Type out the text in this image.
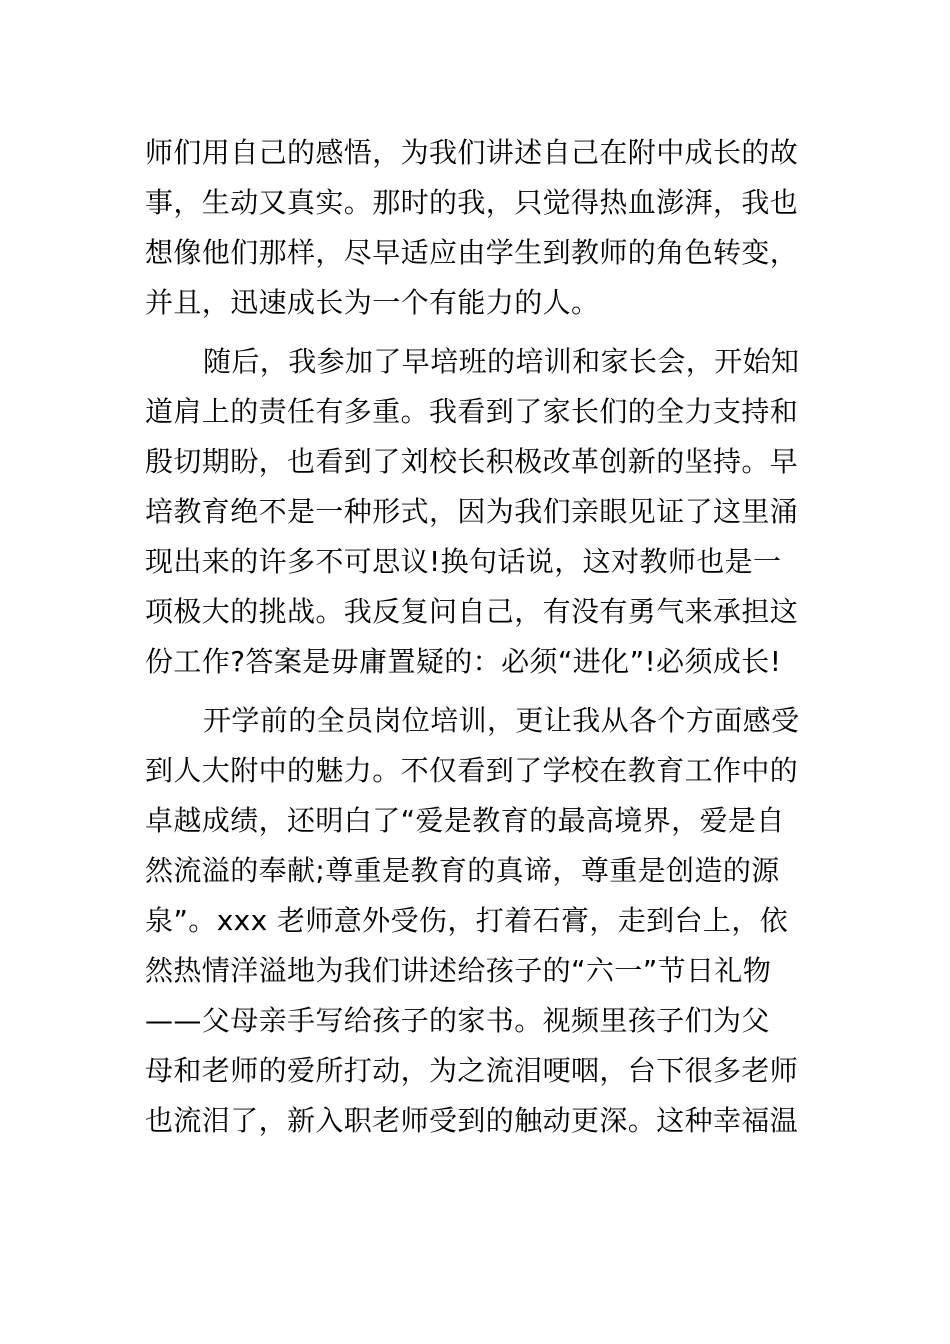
师们用自己的感悟，为我们讲述自己在附中成长的故
事，生动又真实。那时的我，只觉得热血澎湃，我也
想像他们那样，尽早适应由学生到教师的角色转变，
并且，迅速成长为一个有能力的人。
随后，我参加了早培班的培训和家长会，开始知
道肩上的责任有多重。我看到了家长们的全力支持和
殷切期盼，也看到了刘校长积极改革创新的坚持。早
培教育绝不是一种形式，因为我们亲眼见证了这里涌
现出来的许多不可思议!换句话说，这对教师也是一
项极大的挑战。我反复问自己，有没有勇气来承担这
份工作?答案是毋庸置疑的：必须“进化”!必须成长!
开学前的全员岗位培训，更让我从各个方面感受
到人大附中的魅力。不仅看到了学校在教育工作中的
卓越成绩，还明白了“爱是教育的最高境界，爱是自
然流溢的奉献;尊重是教育的真谛，尊重是创造的源
泉”。xxx 老师意外受伤，打着石膏，走到台上，依
然热情洋溢地为我们讲述给孩子的“六一”节日礼物
——父母亲手写给孩子的家书。视频里孩子们为父
母和老师的爱所打动，为之流泪哽咽，台下很多老师
也流泪了，新入职老师受到的触动更深。这种幸福温
